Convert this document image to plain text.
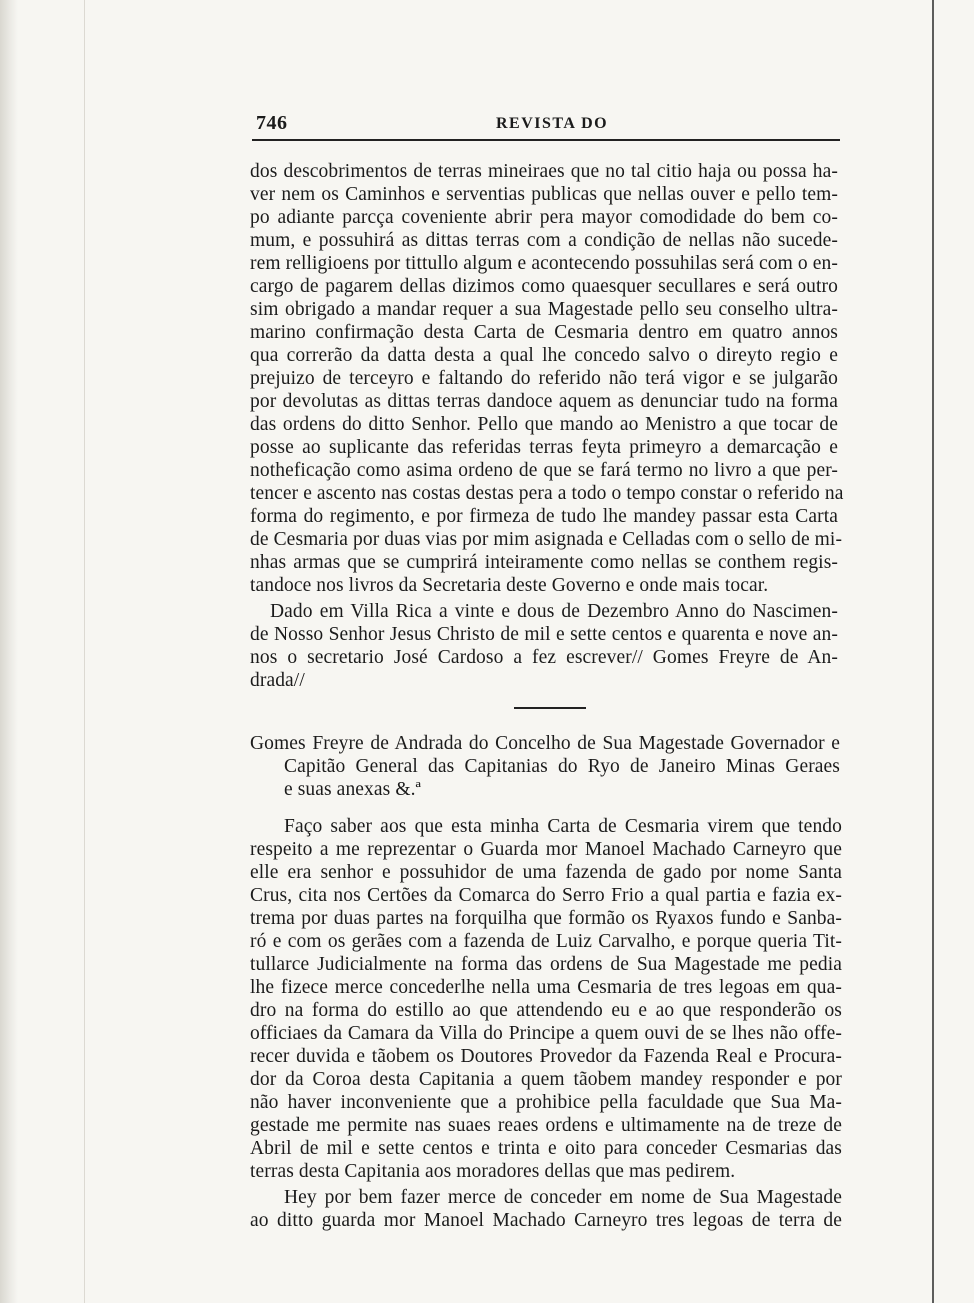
746	REVISTA DO

dos descobrimentos de terras mineiraes que no tal citio haja ou possa ha-

ver nem os Caminhos e serventias publicas que nellas ouver e pello tem-

po adiante parcça coveniente abrir pera mayor comodidade do bem co-

mum, e possuhirá as dittas terras com a condição de nellas não sucede-

rem relligioens por tittullo algum e acontecendo possuhilas será com o en-

cargo de pagarem dellas dizimos como quaesquer secullares e será outro

sim obrigado a mandar requer a sua Magestade pello seu conselho ultra-

marino confirmação desta Carta de Cesmaria dentro em quatro annos

qua correrão da datta desta a qual lhe concedo salvo o direyto regio e

prejuizo de terceyro e faltando do referido não terá vigor e se julgarão

por devolutas as dittas terras dandoce aquem as denunciar tudo na forma

das ordens do ditto Senhor. Pello que mando ao Menistro a que tocar de

posse ao suplicante das referidas terras feyta primeyro a demarcação e

notheficação como asima ordeno de que se fará termo no livro a que per-

tencer e ascento nas costas destas pera a todo o tempo constar o referido na

forma do regimento, e por firmeza de tudo lhe mandey passar esta Carta

de Cesmaria por duas vias por mim asignada e Celladas com o sello de mi-

nhas armas que se cumprirá inteiramente como nellas se conthem regis-

tandoce nos livros da Secretaria deste Governo e onde mais tocar.

Dado em Villa Rica a vinte e dous de Dezembro Anno do Nascimen-

de Nosso Senhor Jesus Christo de mil e sette centos e quarenta e nove an-

nos o secretario José Cardoso a fez escrever// Gomes Freyre de An-

drada//

Gomes Freyre de Andrada do Concelho de Sua Magestade Governador e

Capitão General das Capitanias do Ryo de Janeiro Minas Geraes

e suas anexas &.ª

Faço saber aos que esta minha Carta de Cesmaria virem que tendo

respeito a me reprezentar o Guarda mor Manoel Machado Carneyro que

elle era senhor e possuhidor de uma fazenda de gado por nome Santa

Crus, cita nos Certões da Comarca do Serro Frio a qual partia e fazia ex-

trema por duas partes na forquilha que formão os Ryaxos fundo e Sanba-

ró e com os gerães com a fazenda de Luiz Carvalho, e porque queria Tit-

tullarce Judicialmente na forma das ordens de Sua Magestade me pedia

lhe fizece merce concederlhe nella uma Cesmaria de tres legoas em qua-

dro na forma do estillo ao que attendendo eu e ao que responderão os

officiaes da Camara da Villa do Principe a quem ouvi de se lhes não offe-

recer duvida e tãobem os Doutores Provedor da Fazenda Real e Procura-

dor da Coroa desta Capitania a quem tãobem mandey responder e por

não haver inconveniente que a prohibice pella faculdade que Sua Ma-

gestade me permite nas suaes reaes ordens e ultimamente na de treze de

Abril de mil e sette centos e trinta e oito para conceder Cesmarias das

terras desta Capitania aos moradores dellas que mas pedirem.

Hey por bem fazer merce de conceder em nome de Sua Magestade

ao ditto guarda mor Manoel Machado Carneyro tres legoas de terra de
